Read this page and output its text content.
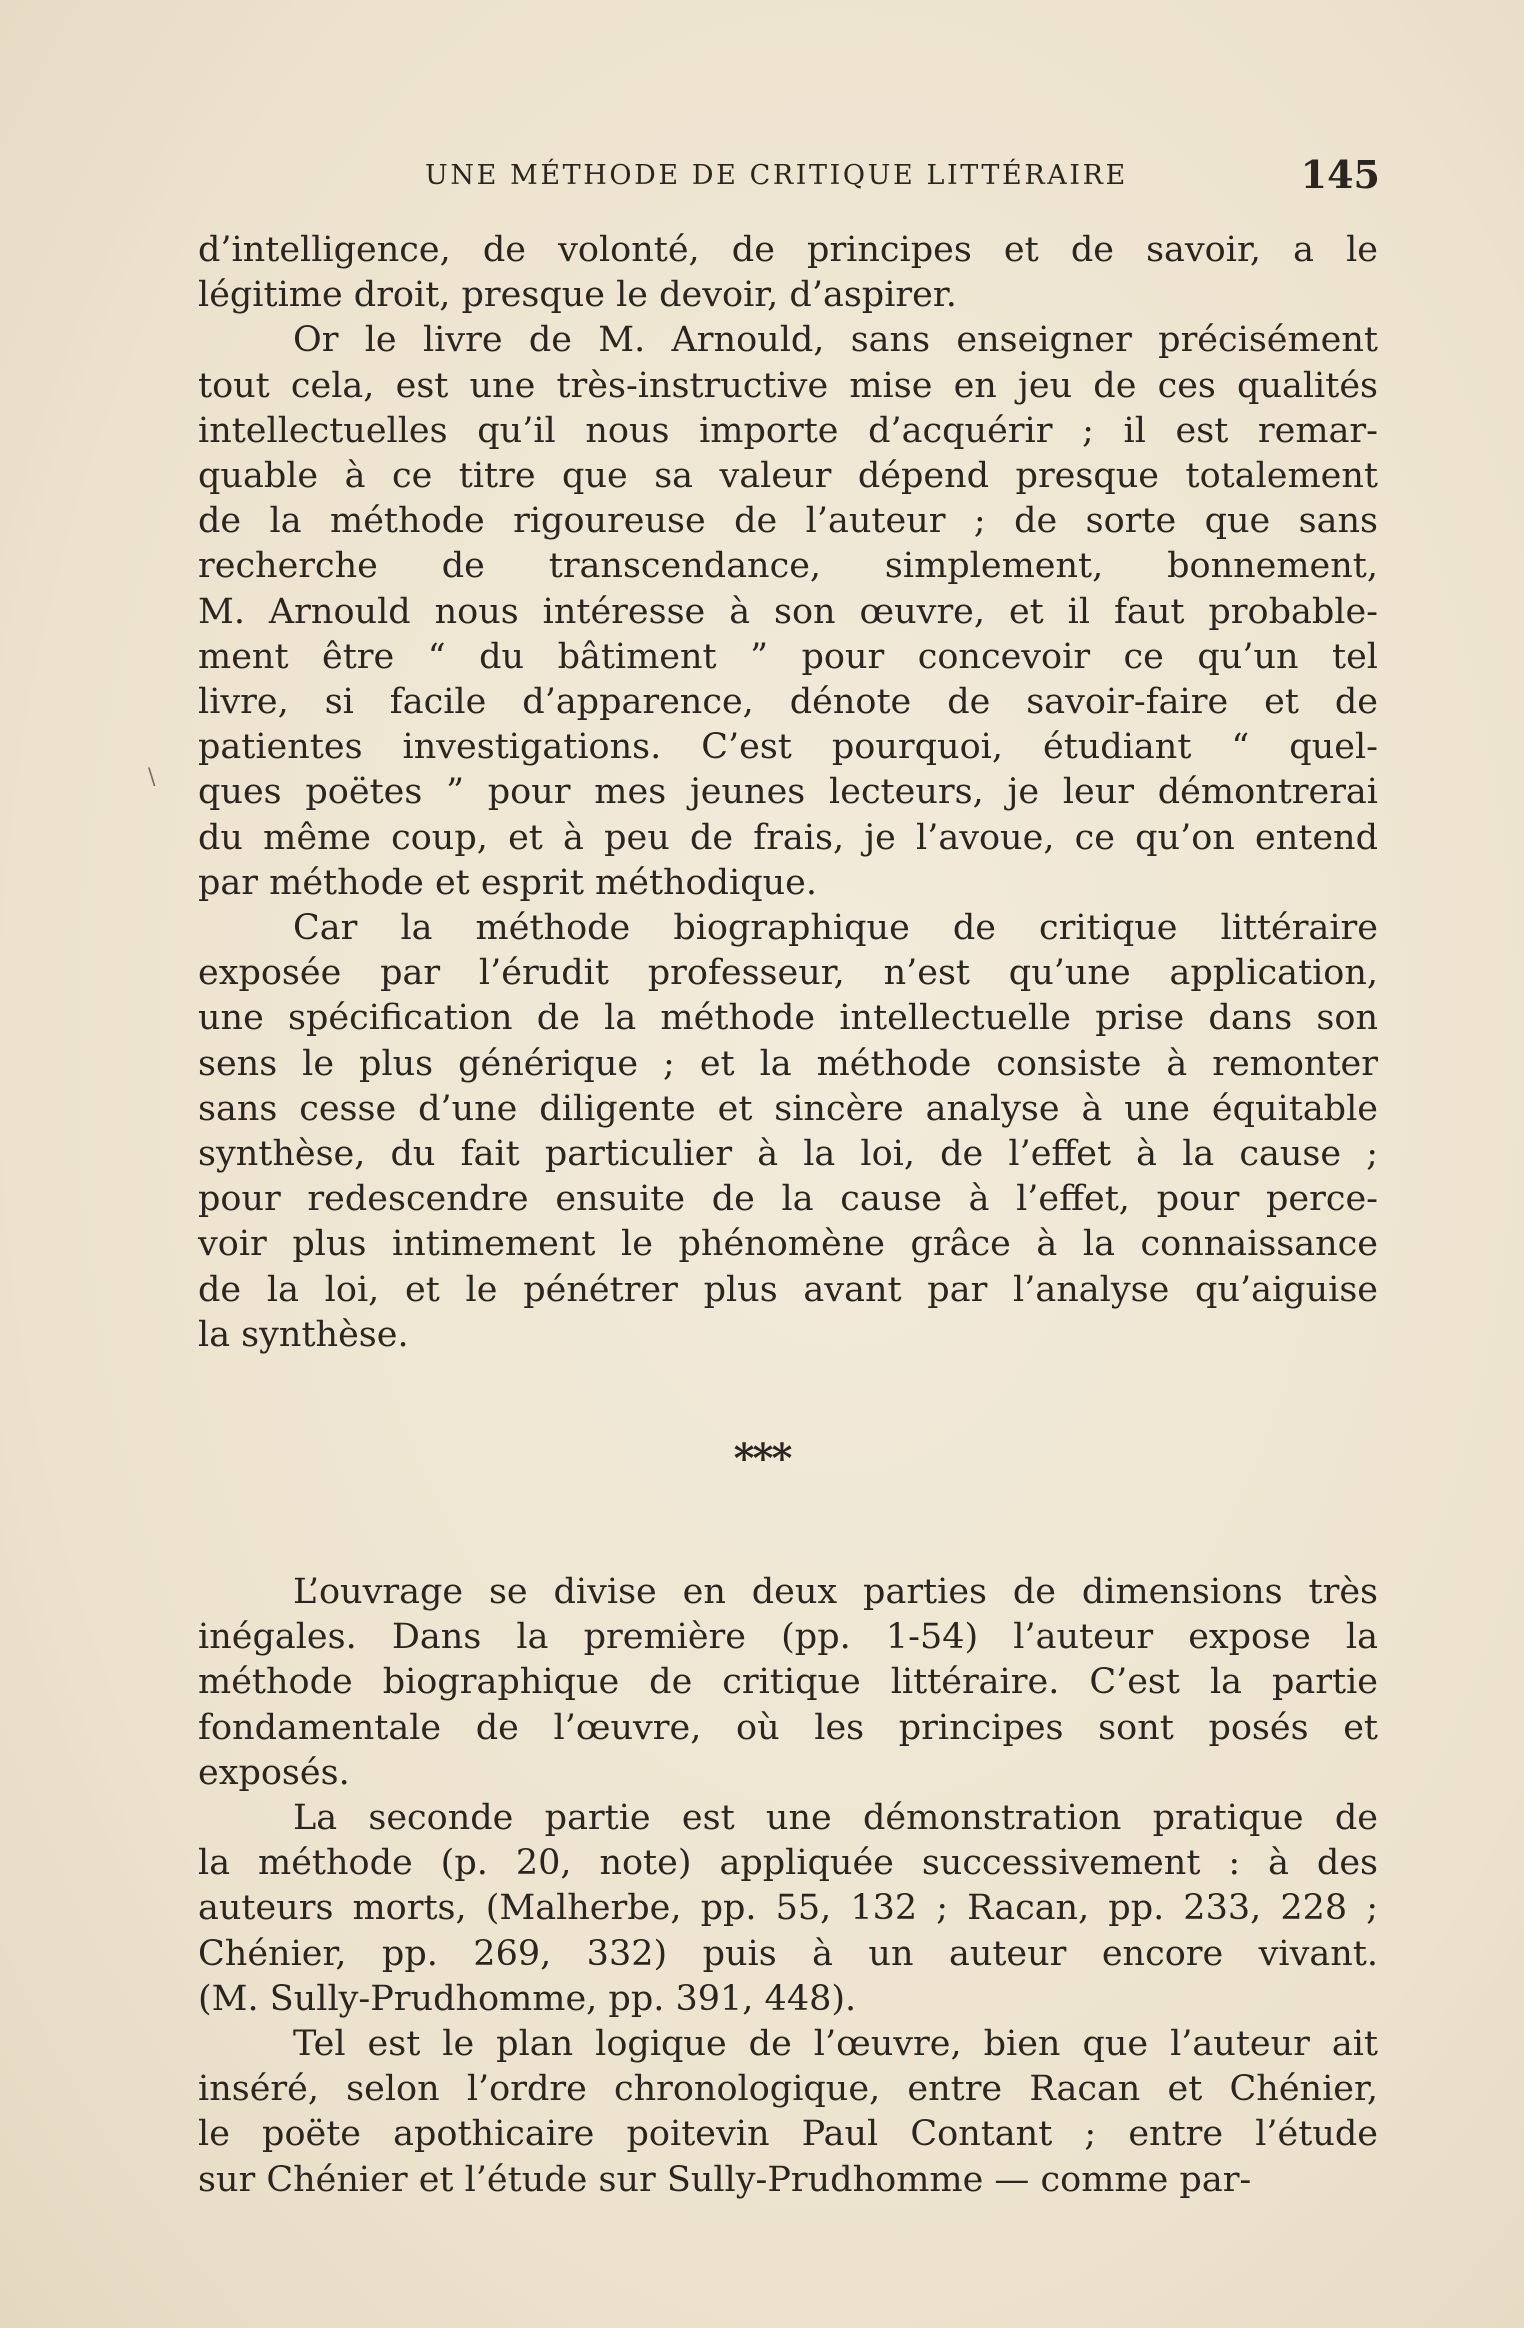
UNE MÉTHODE DE CRITIQUE LITTÉRAIRE	145
\
d’intelligence, de volonté, de principes et de savoir, a le
légitime droit, presque le devoir, d’aspirer.
Or le livre de M. Arnould, sans enseigner précisément
tout cela, est une très-instructive mise en jeu de ces qualités
intellectuelles qu’il nous importe d’acquérir ; il est remar-
quable à ce titre que sa valeur dépend presque totalement
de la méthode rigoureuse de l’auteur ; de sorte que sans
recherche de transcendance, simplement, bonnement,
M. Arnould nous intéresse à son œuvre, et il faut probable-
ment être “ du bâtiment ” pour concevoir ce qu’un tel
livre, si facile d’apparence, dénote de savoir-faire et de
patientes investigations. C’est pourquoi, étudiant “ quel-
ques poëtes ” pour mes jeunes lecteurs, je leur démontrerai
du même coup, et à peu de frais, je l’avoue, ce qu’on entend
par méthode et esprit méthodique.
Car la méthode biographique de critique littéraire
exposée par l’érudit professeur, n’est qu’une application,
une spécification de la méthode intellectuelle prise dans son
sens le plus générique ; et la méthode consiste à remonter
sans cesse d’une diligente et sincère analyse à une équitable
synthèse, du fait particulier à la loi, de l’effet à la cause ;
pour redescendre ensuite de la cause à l’effet, pour perce-
voir plus intimement le phénomène grâce à la connaissance
de la loi, et le pénétrer plus avant par l’analyse qu’aiguise
la synthèse.
***
L’ouvrage se divise en deux parties de dimensions très
inégales. Dans la première (pp. 1-54) l’auteur expose la
méthode biographique de critique littéraire. C’est la partie
fondamentale de l’œuvre, où les principes sont posés et
exposés.
La seconde partie est une démonstration pratique de
la méthode (p. 20, note) appliquée successivement : à des
auteurs morts, (Malherbe, pp. 55, 132 ; Racan, pp. 233, 228 ;
Chénier, pp. 269, 332) puis à un auteur encore vivant.
(M. Sully-Prudhomme, pp. 391, 448).
Tel est le plan logique de l’œuvre, bien que l’auteur ait
inséré, selon l’ordre chronologique, entre Racan et Chénier,
le poëte apothicaire poitevin Paul Contant ; entre l’étude
sur Chénier et l’étude sur Sully-Prudhomme — comme par-
